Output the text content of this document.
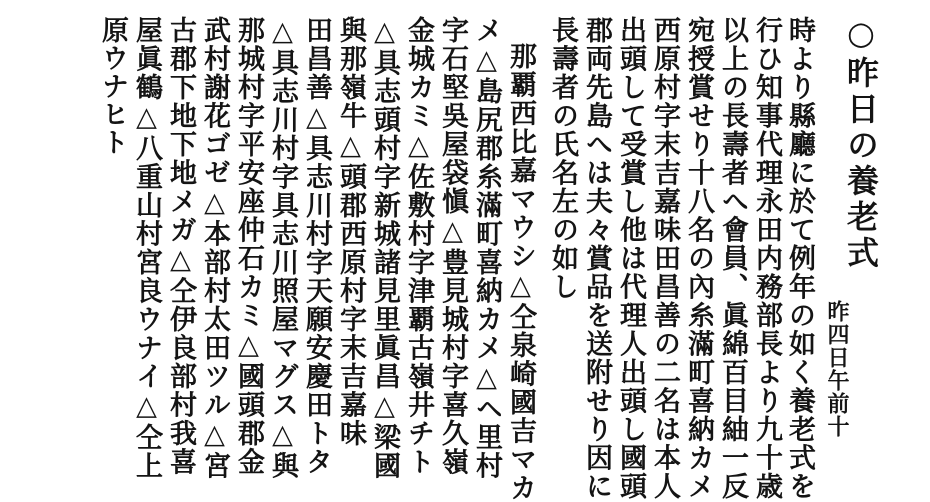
○昨日の養老式
昨四日午前十
時より縣廳に於て例年の如く養老式を
行ひ知事代理永田内務部長より九十歳
以上の長壽者へ會員、眞綿百目紬一反
宛授賞せり十八名の內糸滿町喜納カメ
西原村字末吉嘉味田昌善の二名は本人
出頭して受賞し他は代理人出頭し國頭
郡両先島へは夫々賞品を送附せり因に
長壽者の氏名左の如し
那覇西比嘉マウシ△仝泉崎國吉マカ
メ△島尻郡糸滿町喜納カメ△ヘ里村
字石堅吳屋袋愼△豊見城村字喜久嶺
金城カミ△佐敷村字津覇古嶺井チト
△具志頭村字新城諸見里眞昌△梁國
與那嶺牛△頭郡西原村字末吉嘉味
田昌善△具志川村字天願安慶田トタ
△具志川村字具志川照屋マグス△與
那城村字平安座仲石カミ△國頭郡金
武村謝花ゴゼ△本部村太田ツル△宮
古郡下地下地メガ△仝伊良部村我喜
屋眞鶴△八重山村宮良ウナイ△仝上
原ウナヒト
